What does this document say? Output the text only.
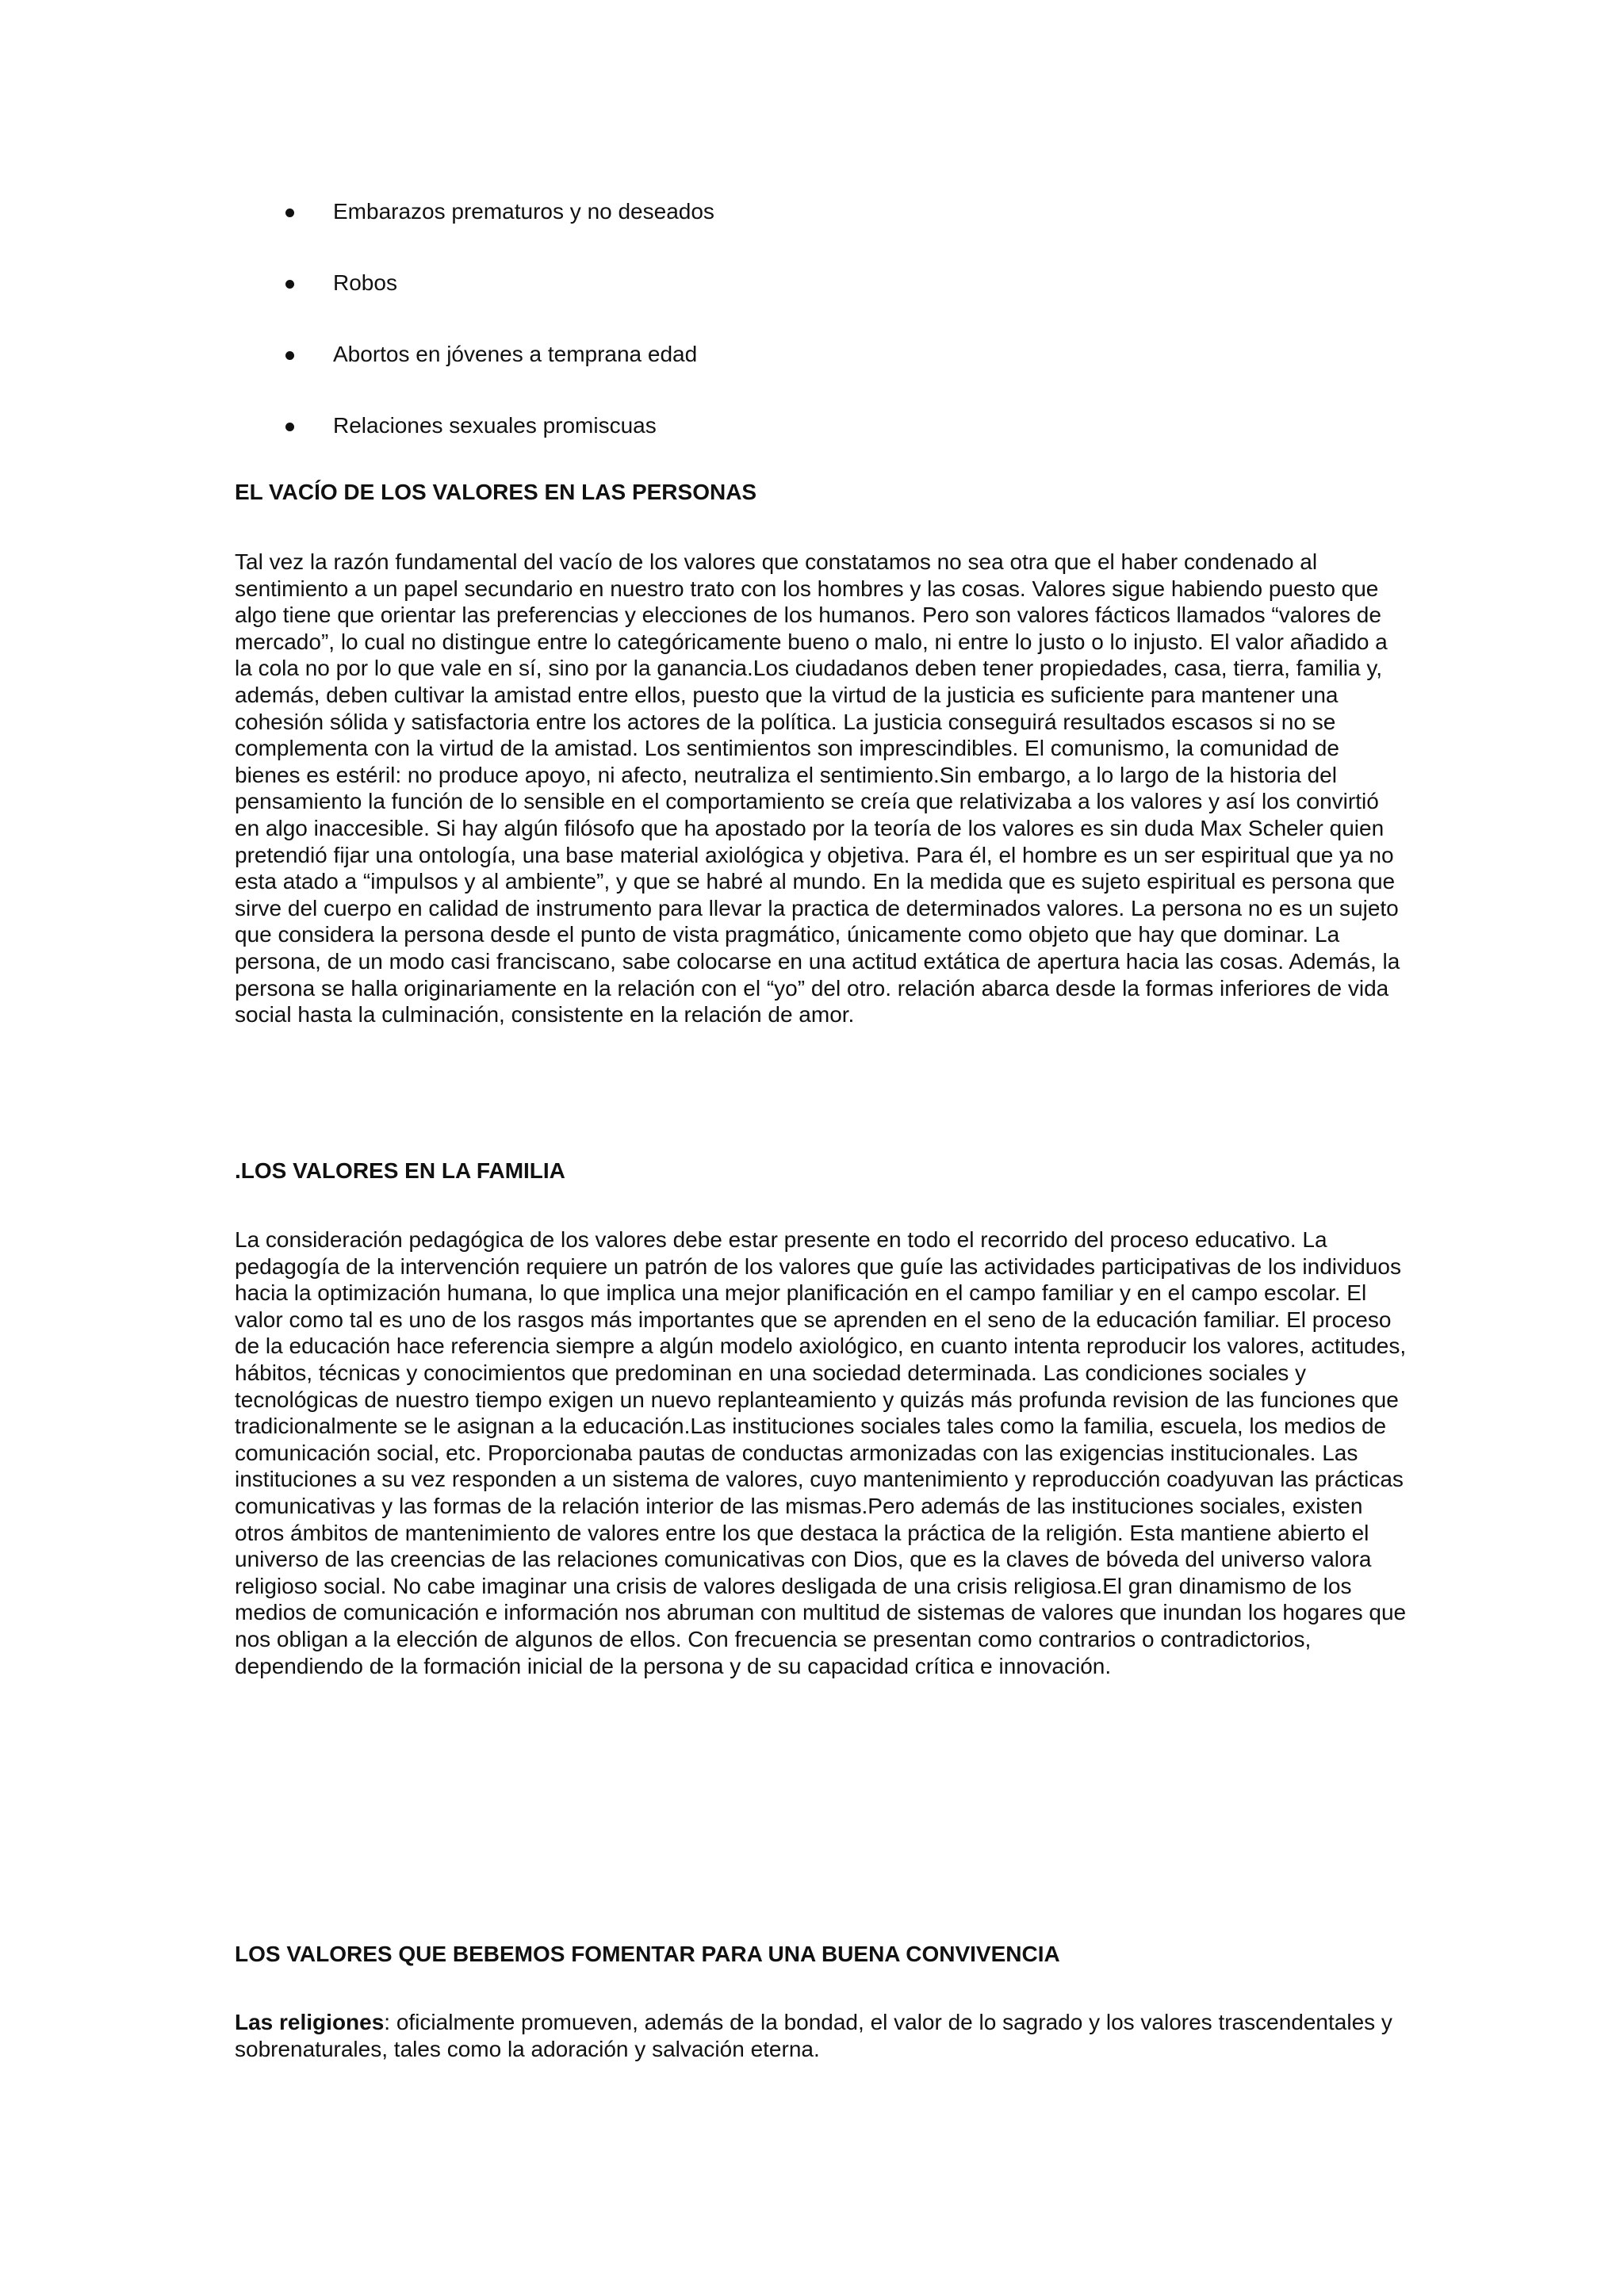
Embarazos prematuros y no deseados
Robos
Abortos en jóvenes a temprana edad
Relaciones sexuales promiscuas
EL VACÍO DE LOS VALORES EN LAS PERSONAS

Tal vez la razón fundamental del vacío de los valores que constatamos no sea otra que el haber condenado al sentimiento a un papel secundario en nuestro trato con los hombres y las cosas. Valores sigue habiendo puesto que algo tiene que orientar las preferencias y elecciones de los humanos. Pero son valores fácticos llamados “valores de mercado”, lo cual no distingue entre lo categóricamente bueno o malo, ni entre lo justo o lo injusto. El valor añadido a la cola no por lo que vale en sí, sino por la ganancia.Los ciudadanos deben tener propiedades, casa, tierra, familia y, además, deben cultivar la amistad entre ellos, puesto que la virtud de la justicia es suficiente para mantener una cohesión sólida y satisfactoria entre los actores de la política. La justicia conseguirá resultados escasos si no se complementa con la virtud de la amistad. Los sentimientos son imprescindibles. El comunismo, la comunidad de bienes es estéril: no produce apoyo, ni afecto, neutraliza el sentimiento.Sin embargo, a lo largo de la historia del pensamiento la función de lo sensible en el comportamiento se creía que relativizaba a los valores y así los convirtió en algo inaccesible. Si hay algún filósofo que ha apostado por la teoría de los valores es sin duda Max Scheler quien pretendió fijar una ontología, una base material axiológica y objetiva. Para él, el hombre es un ser espiritual que ya no esta atado a “impulsos y al ambiente”, y que se habré al mundo. En la medida que es sujeto espiritual es persona que sirve del cuerpo en calidad de instrumento para llevar la practica de determinados valores. La persona no es un sujeto que considera la persona desde el punto de vista pragmático, únicamente como objeto que hay que dominar. La persona, de un modo casi franciscano, sabe colocarse en una actitud extática de apertura hacia las cosas. Además, la persona se halla originariamente en la relación con el “yo” del otro. relación abarca desde la formas inferiores de vida social hasta la culminación, consistente en la relación de amor.

.LOS VALORES EN LA FAMILIA

La consideración pedagógica de los valores debe estar presente en todo el recorrido del proceso educativo. La pedagogía de la intervención requiere un patrón de los valores que guíe las actividades participativas de los individuos hacia la optimización humana, lo que implica una mejor planificación en el campo familiar y en el campo escolar. El valor como tal es uno de los rasgos más importantes que se aprenden en el seno de la educación familiar. El proceso de la educación hace referencia siempre a algún modelo axiológico, en cuanto intenta reproducir los valores, actitudes, hábitos, técnicas y conocimientos que predominan en una sociedad determinada. Las condiciones sociales y tecnológicas de nuestro tiempo exigen un nuevo replanteamiento y quizás más profunda revision de las funciones que tradicionalmente se le asignan a la educación.Las instituciones sociales tales como la familia, escuela, los medios de comunicación social, etc. Proporcionaba pautas de conductas armonizadas con las exigencias institucionales. Las instituciones a su vez responden a un sistema de valores, cuyo mantenimiento y reproducción coadyuvan las prácticas comunicativas y las formas de la relación interior de las mismas.Pero además de las instituciones sociales, existen otros ámbitos de mantenimiento de valores entre los que destaca la práctica de la religión. Esta mantiene abierto el universo de las creencias de las relaciones comunicativas con Dios, que es la claves de bóveda del universo valora religioso social. No cabe imaginar una crisis de valores desligada de una crisis religiosa.El gran dinamismo de los medios de comunicación e información nos abruman con multitud de sistemas de valores que inundan los hogares que nos obligan a la elección de algunos de ellos. Con frecuencia se presentan como contrarios o contradictorios, dependiendo de la formación inicial de la persona y de su capacidad crítica e innovación.

LOS VALORES QUE BEBEMOS FOMENTAR PARA UNA BUENA CONVIVENCIA

Las religiones: oficialmente promueven, además de la bondad, el valor de lo sagrado y los valores trascendentales y sobrenaturales, tales como la adoración y salvación eterna.
